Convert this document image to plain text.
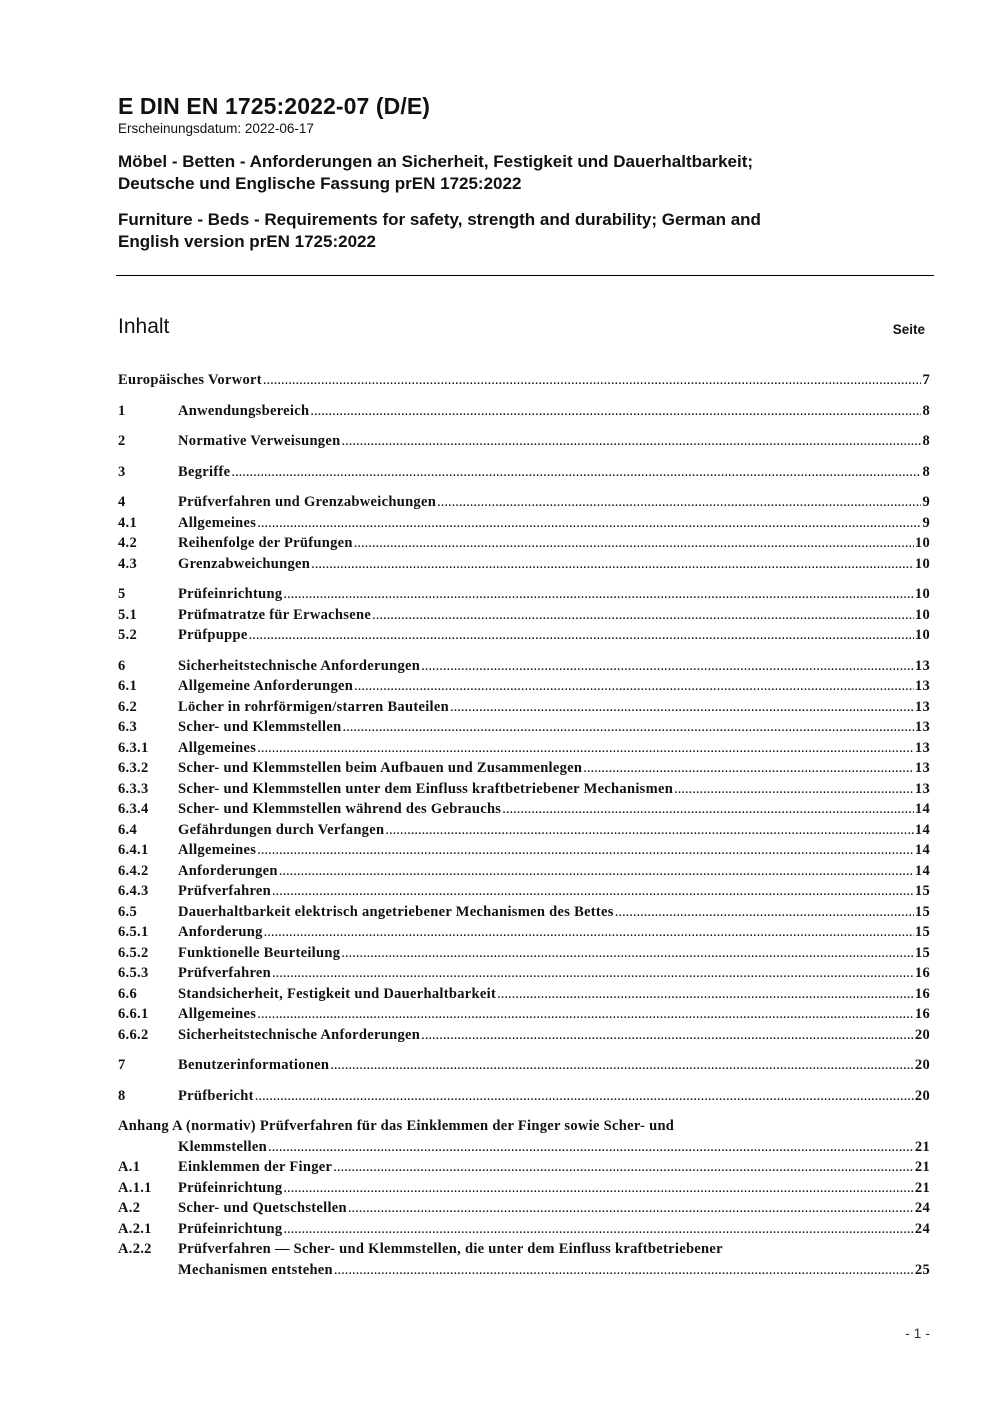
E DIN EN 1725:2022-07 (D/E)
Erscheinungsdatum: 2022-06-17
Möbel - Betten - Anforderungen an Sicherheit, Festigkeit und Dauerhaltbarkeit;
Deutsche und Englische Fassung prEN 1725:2022
Furniture - Beds - Requirements for safety, strength and durability; German and
English version prEN 1725:2022
Inhalt	Seite
Europäisches Vorwort .....	7
1	Anwendungsbereich .....	8
2	Normative Verweisungen .....	8
3	Begriffe .....	8
4	Prüfverfahren und Grenzabweichungen .....	9
4.1	Allgemeines .....	9
4.2	Reihenfolge der Prüfungen .....	10
4.3	Grenzabweichungen .....	10
5	Prüfeinrichtung .....	10
5.1	Prüfmatratze für Erwachsene .....	10
5.2	Prüfpuppe .....	10
6	Sicherheitstechnische Anforderungen .....	13
6.1	Allgemeine Anforderungen .....	13
6.2	Löcher in rohrförmigen/starren Bauteilen .....	13
6.3	Scher- und Klemmstellen .....	13
6.3.1	Allgemeines .....	13
6.3.2	Scher- und Klemmstellen beim Aufbauen und Zusammenlegen .....	13
6.3.3	Scher- und Klemmstellen unter dem Einfluss kraftbetriebener Mechanismen .....	13
6.3.4	Scher- und Klemmstellen während des Gebrauchs .....	14
6.4	Gefährdungen durch Verfangen .....	14
6.4.1	Allgemeines .....	14
6.4.2	Anforderungen .....	14
6.4.3	Prüfverfahren .....	15
6.5	Dauerhaltbarkeit elektrisch angetriebener Mechanismen des Bettes .....	15
6.5.1	Anforderung .....	15
6.5.2	Funktionelle Beurteilung .....	15
6.5.3	Prüfverfahren .....	16
6.6	Standsicherheit, Festigkeit und Dauerhaltbarkeit .....	16
6.6.1	Allgemeines .....	16
6.6.2	Sicherheitstechnische Anforderungen .....	20
7	Benutzerinformationen .....	20
8	Prüfbericht .....	20
Anhang A (normativ) Prüfverfahren für das Einklemmen der Finger sowie Scher- und
Klemmstellen .....	21
A.1	Einklemmen der Finger .....	21
A.1.1	Prüfeinrichtung .....	21
A.2	Scher- und Quetschstellen .....	24
A.2.1	Prüfeinrichtung .....	24
A.2.2	Prüfverfahren — Scher- und Klemmstellen, die unter dem Einfluss kraftbetriebener
Mechanismen entstehen .....	25
- 1 -
